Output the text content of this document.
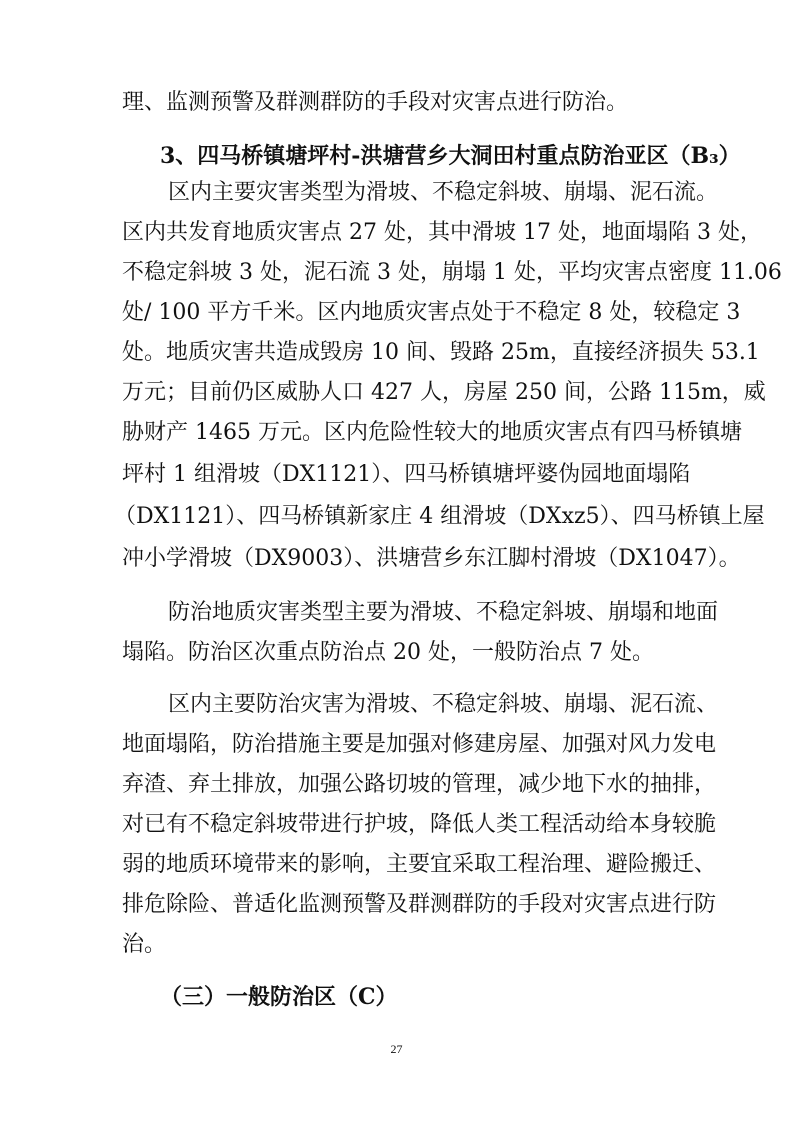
理、监测预警及群测群防的手段对灾害点进行防治。
3、四马桥镇塘坪村-洪塘营乡大洞田村重点防治亚区（B₃）
区内主要灾害类型为滑坡、不稳定斜坡、崩塌、泥石流。
区内共发育地质灾害点 27 处，其中滑坡 17 处，地面塌陷 3 处，
不稳定斜坡 3 处，泥石流 3 处，崩塌 1 处，平均灾害点密度 11.06
处/ 100 平方千米。区内地质灾害点处于不稳定 8 处，较稳定 3
处。地质灾害共造成毁房 10 间、毁路 25m，直接经济损失 53.1
万元；目前仍区威胁人口 427 人，房屋 250 间，公路 115m，威
胁财产 1465 万元。区内危险性较大的地质灾害点有四马桥镇塘
坪村 1 组滑坡（DX1121）、四马桥镇塘坪婆伪园地面塌陷
（DX1121）、四马桥镇新家庄 4 组滑坡（DXxz5）、四马桥镇上屋
冲小学滑坡（DX9003）、洪塘营乡东江脚村滑坡（DX1047）。
防治地质灾害类型主要为滑坡、不稳定斜坡、崩塌和地面
塌陷。防治区次重点防治点 20 处，一般防治点 7 处。
区内主要防治灾害为滑坡、不稳定斜坡、崩塌、泥石流、
地面塌陷，防治措施主要是加强对修建房屋、加强对风力发电
弃渣、弃土排放，加强公路切坡的管理，减少地下水的抽排，
对已有不稳定斜坡带进行护坡，降低人类工程活动给本身较脆
弱的地质环境带来的影响，主要宜采取工程治理、避险搬迁、
排危除险、普适化监测预警及群测群防的手段对灾害点进行防
治。
（三）一般防治区（C）
27
